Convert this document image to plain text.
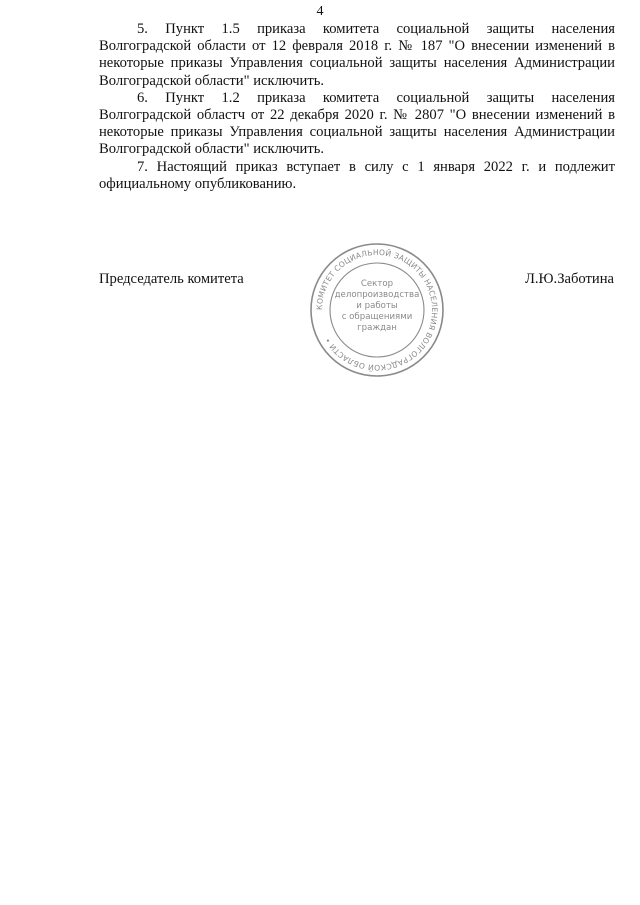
4

5. Пункт 1.5 приказа комитета социальной защиты населения Волгоградской области от 12 февраля 2018 г. № 187 "О внесении изменений в некоторые приказы Управления социальной защиты населения Администрации Волгоградской области" исключить.

6. Пункт 1.2 приказа комитета социальной защиты населения Волгоградской областч от 22 декабря 2020 г. № 2807 "О внесении изменений в некоторые приказы Управления социальной защиты населения Администрации Волгоградской области" исключить.

7. Настоящий приказ вступает в силу с 1 января 2022 г. и подлежит официальному опубликованию.

Председатель комитета	Л.Ю.Заботина
КОМИТЕТ СОЦИАЛЬНОЙ ЗАЩИТЫ НАСЕЛЕНИЯ ВОЛГОГРАДСКОЙ ОБЛАСТИ •
Сектор
делопроизводства
и работы
с обращениями
граждан
